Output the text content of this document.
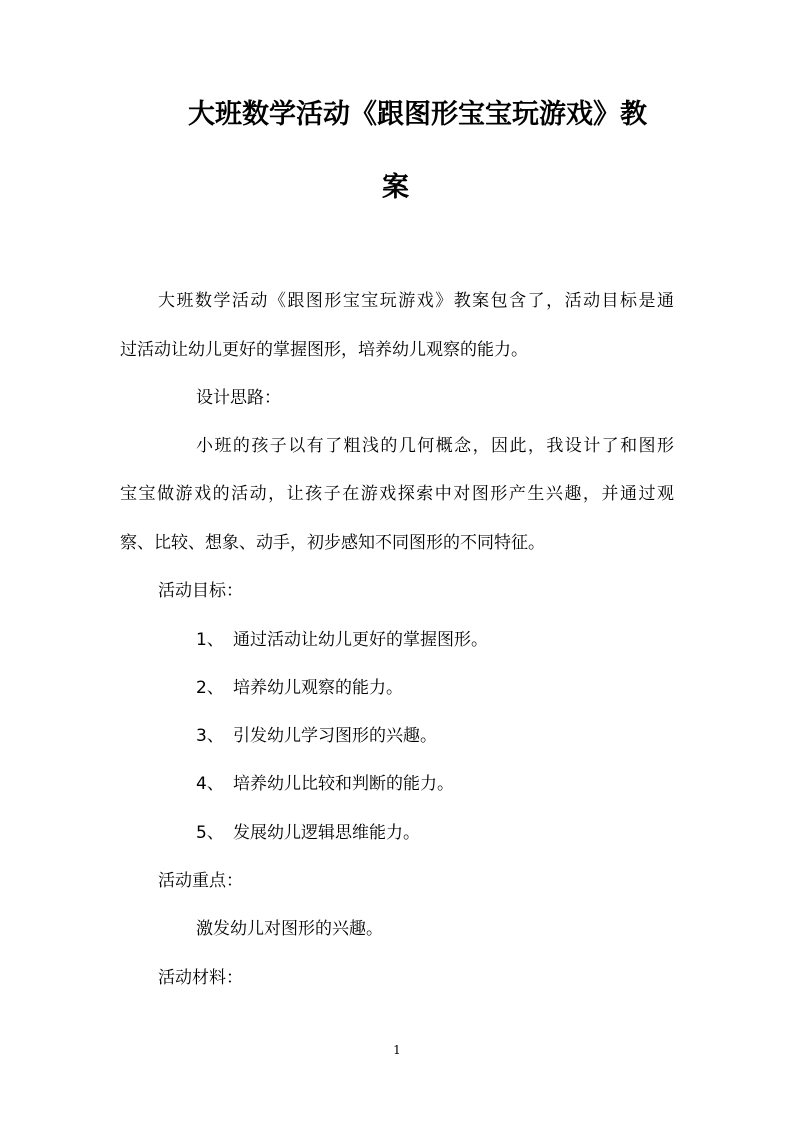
大班数学活动《跟图形宝宝玩游戏》教
案
大班数学活动《跟图形宝宝玩游戏》教案包含了，活动目标是通
过活动让幼儿更好的掌握图形，培养幼儿观察的能力。
设计思路：
小班的孩子以有了粗浅的几何概念，因此，我设计了和图形
宝宝做游戏的活动，让孩子在游戏探索中对图形产生兴趣，并通过观
察、比较、想象、动手，初步感知不同图形的不同特征。
活动目标：
1、 通过活动让幼儿更好的掌握图形。
2、 培养幼儿观察的能力。
3、 引发幼儿学习图形的兴趣。
4、 培养幼儿比较和判断的能力。
5、 发展幼儿逻辑思维能力。
活动重点：
激发幼儿对图形的兴趣。
活动材料：
1
